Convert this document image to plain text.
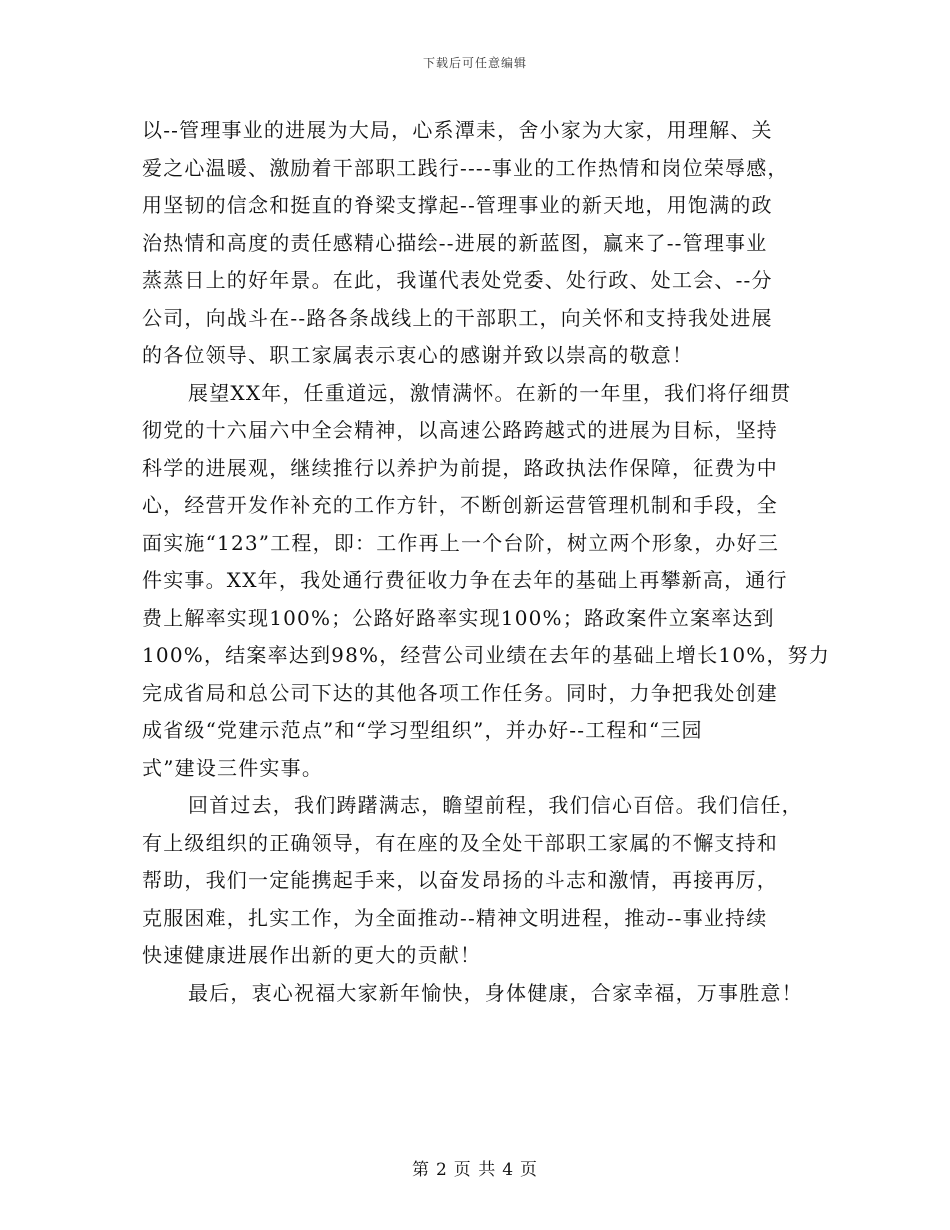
下载后可任意编辑
以--管理事业的进展为大局，心系潭耒，舍小家为大家，用理解、关
爱之心温暖、激励着干部职工践行----事业的工作热情和岗位荣辱感，
用坚韧的信念和挺直的脊梁支撑起--管理事业的新天地，用饱满的政
治热情和高度的责任感精心描绘--进展的新蓝图，赢来了--管理事业
蒸蒸日上的好年景。在此，我谨代表处党委、处行政、处工会、--分
公司，向战斗在--路各条战线上的干部职工，向关怀和支持我处进展
的各位领导、职工家属表示衷心的感谢并致以崇高的敬意！
展望XX年，任重道远，激情满怀。在新的一年里，我们将仔细贯
彻党的十六届六中全会精神，以高速公路跨越式的进展为目标，坚持
科学的进展观，继续推行以养护为前提，路政执法作保障，征费为中
心，经营开发作补充的工作方针，不断创新运营管理机制和手段，全
面实施“123”工程，即：工作再上一个台阶，树立两个形象，办好三
件实事。XX年，我处通行费征收力争在去年的基础上再攀新高，通行
费上解率实现100%；公路好路率实现100%；路政案件立案率达到
100%，结案率达到98%，经营公司业绩在去年的基础上增长10%，努力
完成省局和总公司下达的其他各项工作任务。同时，力争把我处创建
成省级“党建示范点”和“学习型组织”，并办好--工程和“三园
式”建设三件实事。
回首过去，我们踌躇满志，瞻望前程，我们信心百倍。我们信任，
有上级组织的正确领导，有在座的及全处干部职工家属的不懈支持和
帮助，我们一定能携起手来，以奋发昂扬的斗志和激情，再接再厉，
克服困难，扎实工作，为全面推动--精神文明进程，推动--事业持续
快速健康进展作出新的更大的贡献！
最后，衷心祝福大家新年愉快，身体健康，合家幸福，万事胜意！
第 2 页 共 4 页
